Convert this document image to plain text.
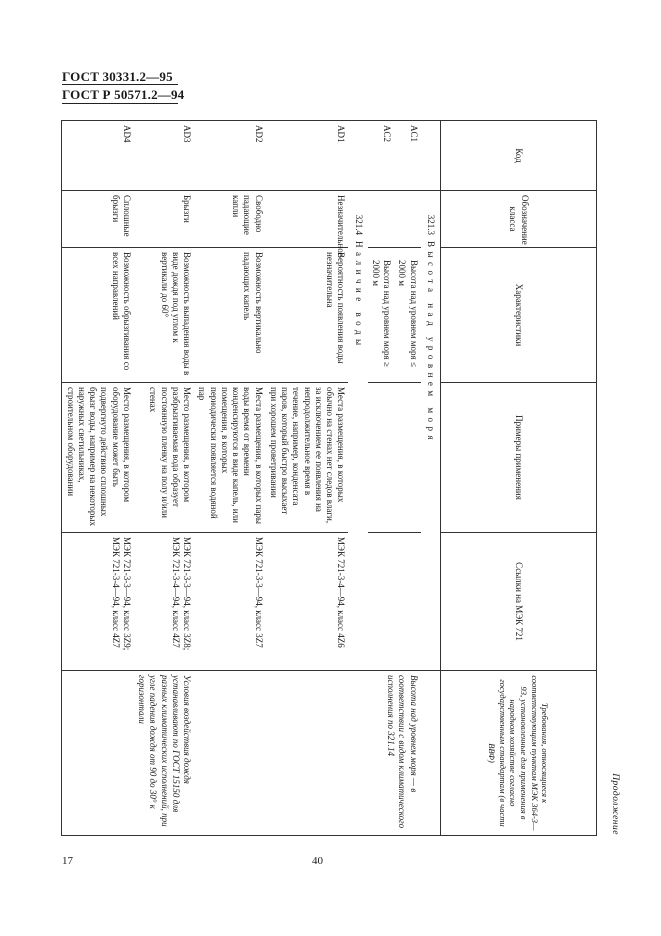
ГОСТ 30331.2—95
ГОСТ Р 50571.2—94
Продолжение
Код	Обозначение класса	Характеристики	Примеры применения	Ссылки на МЭК 721	Требования, относящиеся к соответствующим пунктам МЭК 364-3—93, установленные для применения в народном хозяйстве согласно государственным стандартам (в части ВВФ)
	321.3Высота над уровнем моря				
AC1		Высота над уровнем моря ≤ 2000 м			Высота над уровнем моря — в соответствии с видом климатического исполнения по 321.14
AC2		Высота над уровнем моря ≥ 2000 м			

	321.4Наличие воды				
AD1	Незначительное	Вероятность появления воды незначительна	Места размещения, в которых обычно на стенах нет следов влаги, за исключением ее появления на непродолжительное время в течение, например, конденсата паров, который быстро высыхает при хорошем проветривании	МЭК 721-3-4—94, класс 4Z6	
AD2	Свободно падающие капли	Возможность вертикально падающих капель	Места размещения, в которых пары воды время от времени конденсируются в виде капель, или помещения, в которых периодически появляется водяной пар	МЭК 721-3-3—94, класс 3Z7	
AD3	Брызги	Возможность выпадения воды в виде дождя под углом к вертикали до 60°	Место размещения, в котором разбрызгиваемая вода образует постоянную пленку на полу и/или стенах	МЭК 721-3-3—94, класс 3Z8; МЭК 721-3-4—94, класс 4Z7	Условия воздействия дождя устанавливают по ГОСТ 15150 для разных климатических исполнений, при угле падения дождя от 90 до 30° к горизонтали
AD4	Сплошные брызги	Возможность обрызгивания со всех направлений	Место размещения, в котором оборудование может быть подвергнуто действию сплошных брызг воды, например на некоторых наружных светильниках, строительном оборудовании	МЭК 721-3-3—94, класс 3Z9; МЭК 721-3-4—94, класс 4Z7	
17	40
